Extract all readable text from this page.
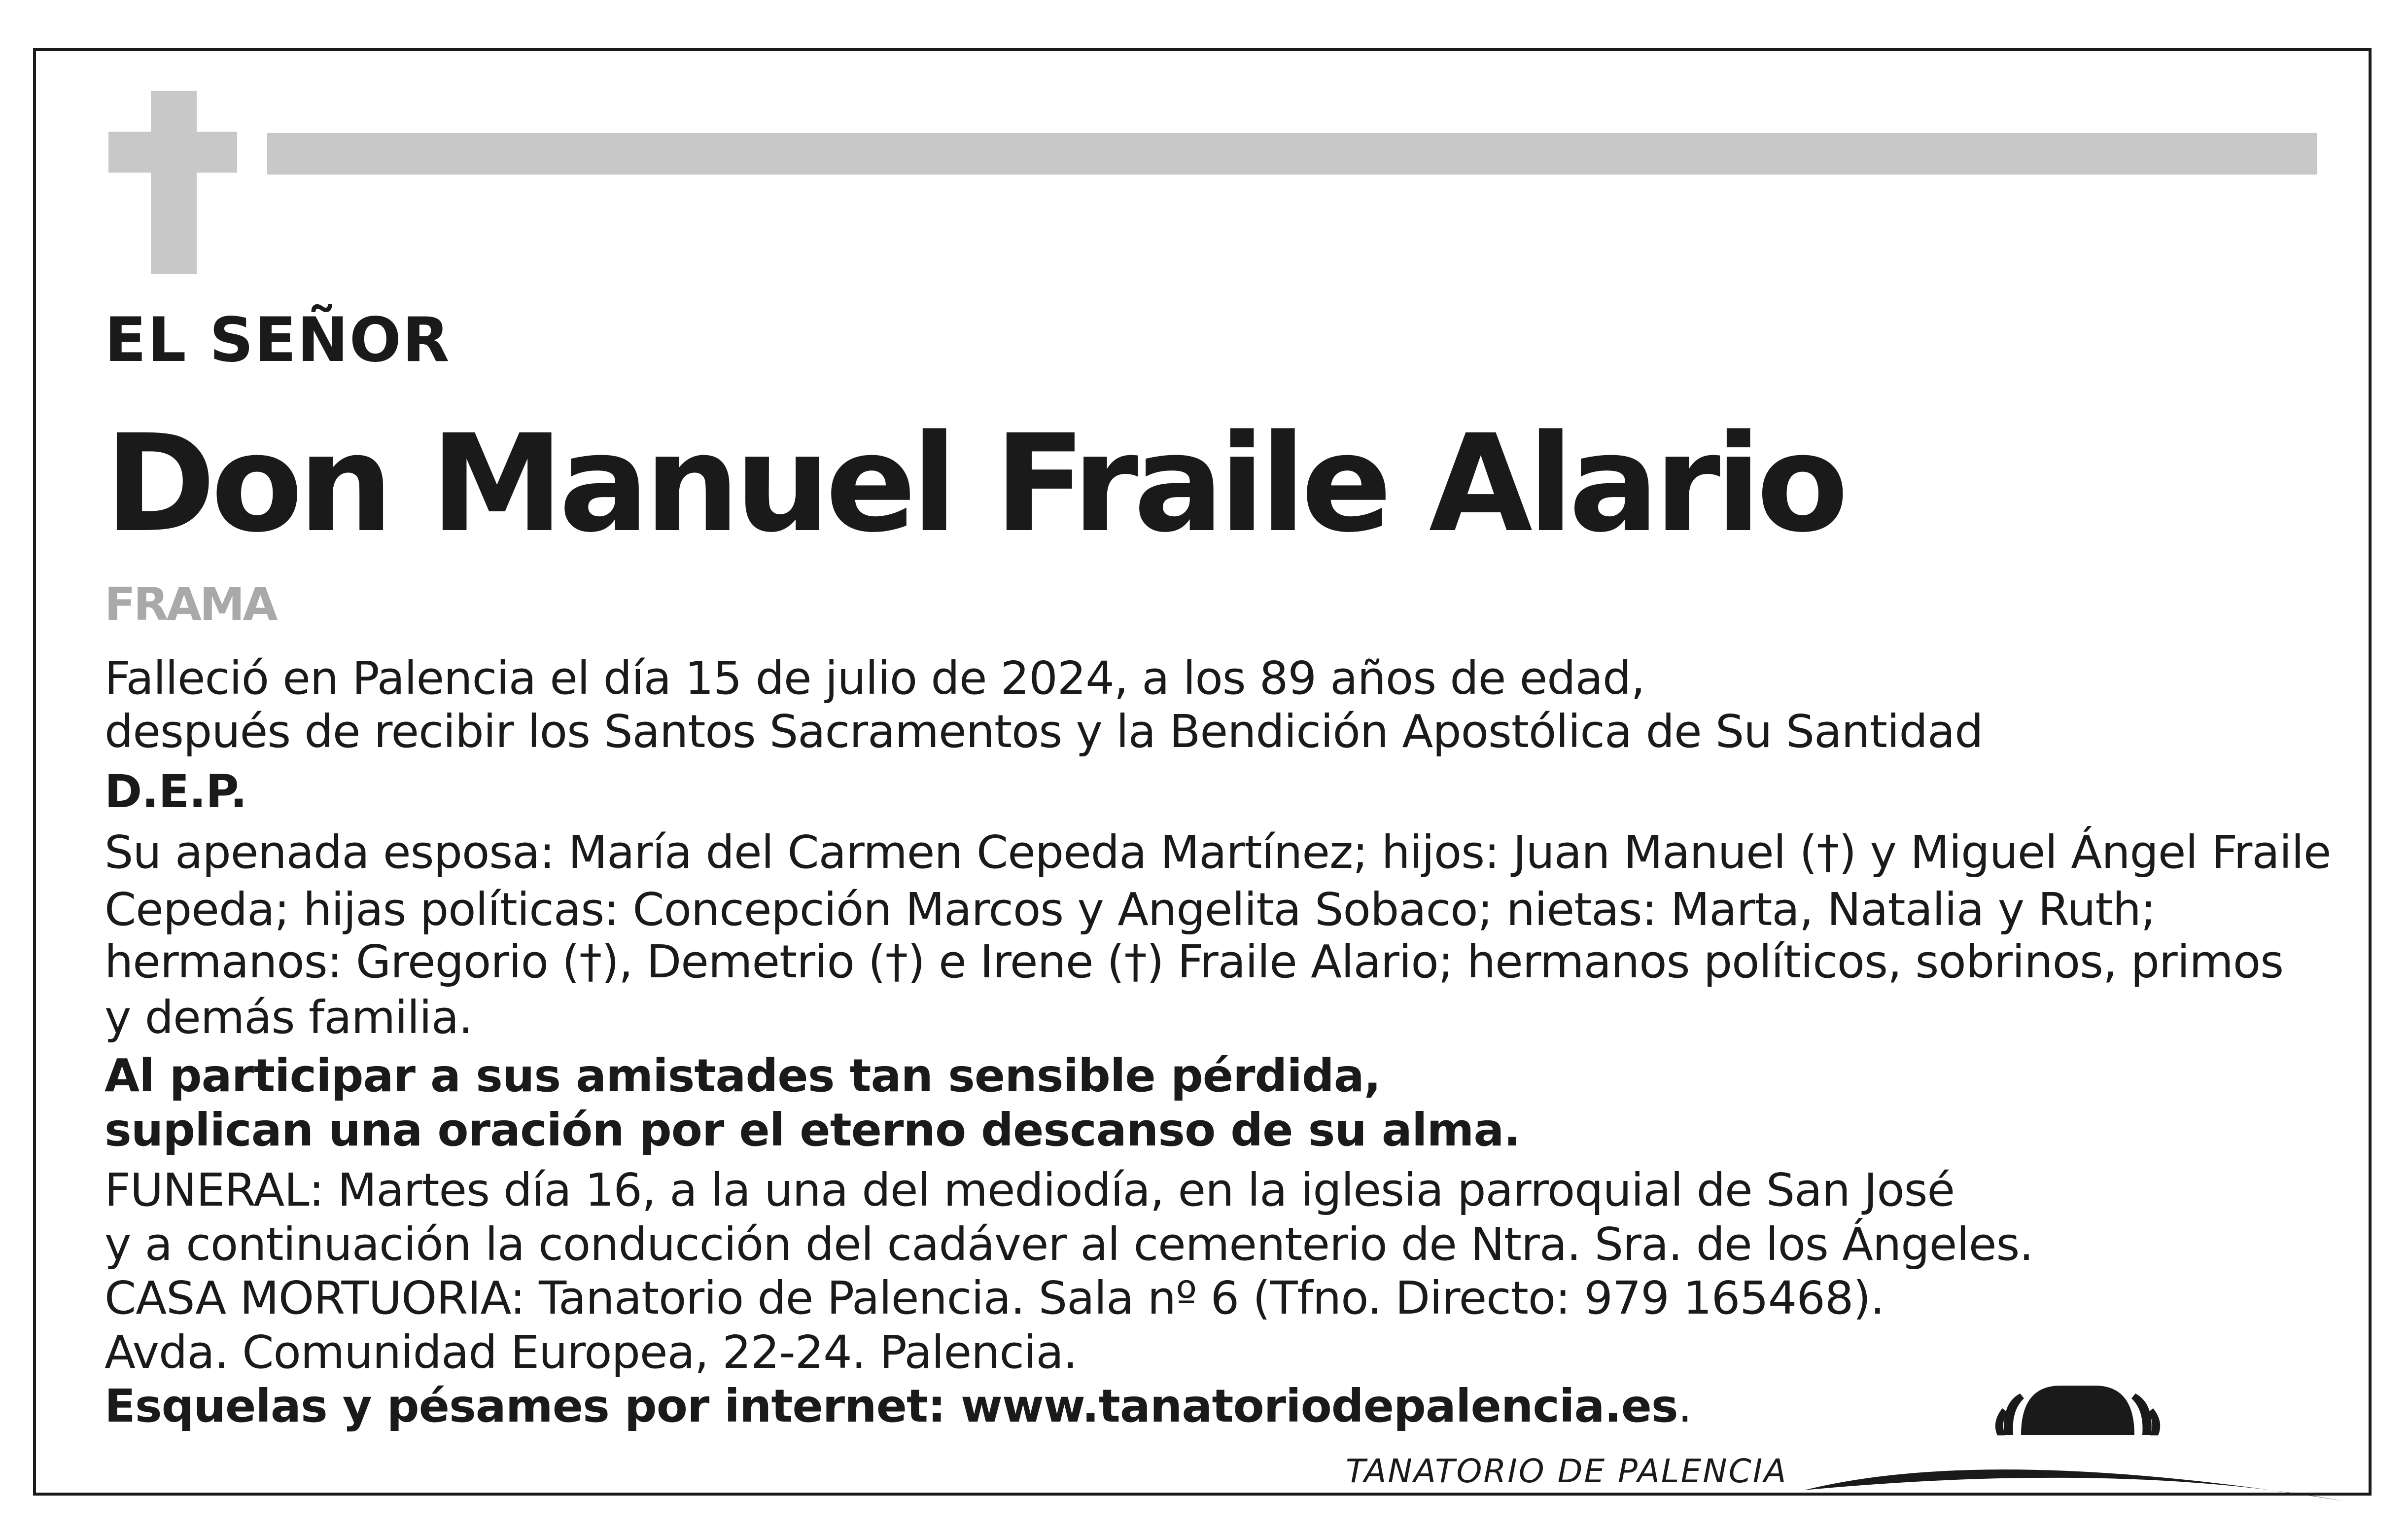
EL SEÑOR
Don Manuel Fraile Alario
FRAMA
Falleció en Palencia el día 15 de julio de 2024, a los 89 años de edad,
después de recibir los Santos Sacramentos y la Bendición Apostólica de Su Santidad
D.E.P.
Su apenada esposa: María del Carmen Cepeda Martínez; hijos: Juan Manuel (†) y Miguel Ángel Fraile
Cepeda; hijas políticas: Concepción Marcos y Angelita Sobaco; nietas: Marta, Natalia y Ruth;
hermanos: Gregorio (†), Demetrio (†) e Irene (†) Fraile Alario; hermanos políticos, sobrinos, primos
y demás familia.
Al participar a sus amistades tan sensible pérdida,
suplican una oración por el eterno descanso de su alma.
FUNERAL: Martes día 16, a la una del mediodía, en la iglesia parroquial de San José
y a continuación la conducción del cadáver al cementerio de Ntra. Sra. de los Ángeles.
CASA MORTUORIA: Tanatorio de Palencia. Sala nº 6 (Tfno. Directo: 979 165468).
Avda. Comunidad Europea, 22-24. Palencia.
Esquelas y pésames por internet: www.tanatoriodepalencia.es.
TANATORIO DE PALENCIA
